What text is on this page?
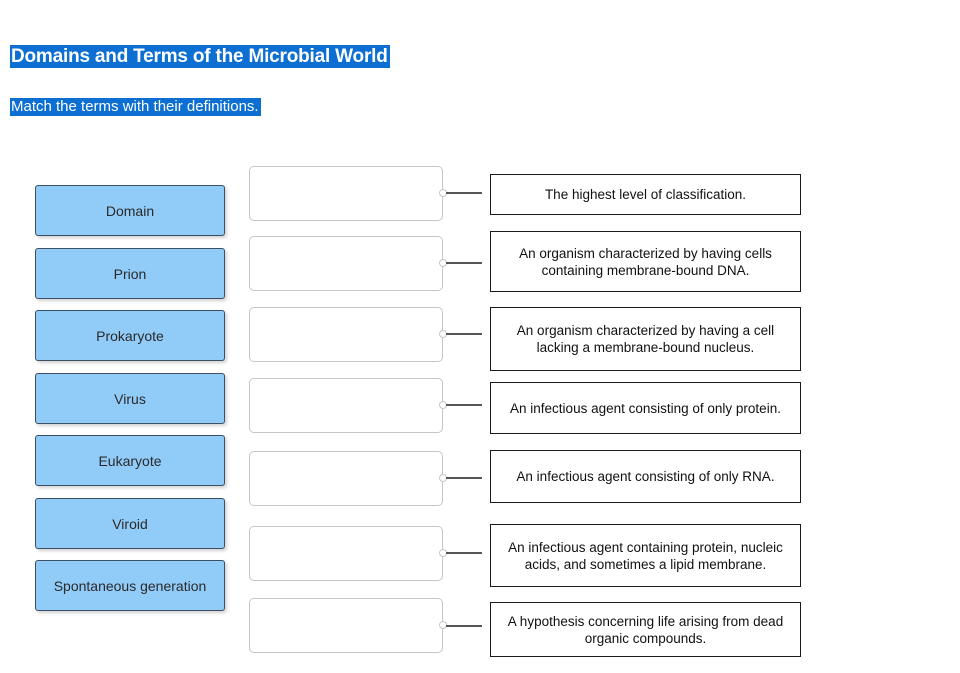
Domains and Terms of the Microbial World
Match the terms with their definitions.
Domain
Prion
Prokaryote
Virus
Eukaryote
Viroid
Spontaneous generation
The highest level of classification.
An organism characterized by having cells containing membrane-bound DNA.
An organism characterized by having a cell lacking a membrane-bound nucleus.
An infectious agent consisting of only protein.
An infectious agent consisting of only RNA.
An infectious agent containing protein, nucleic acids, and sometimes a lipid membrane.
A hypothesis concerning life arising from dead organic compounds.
